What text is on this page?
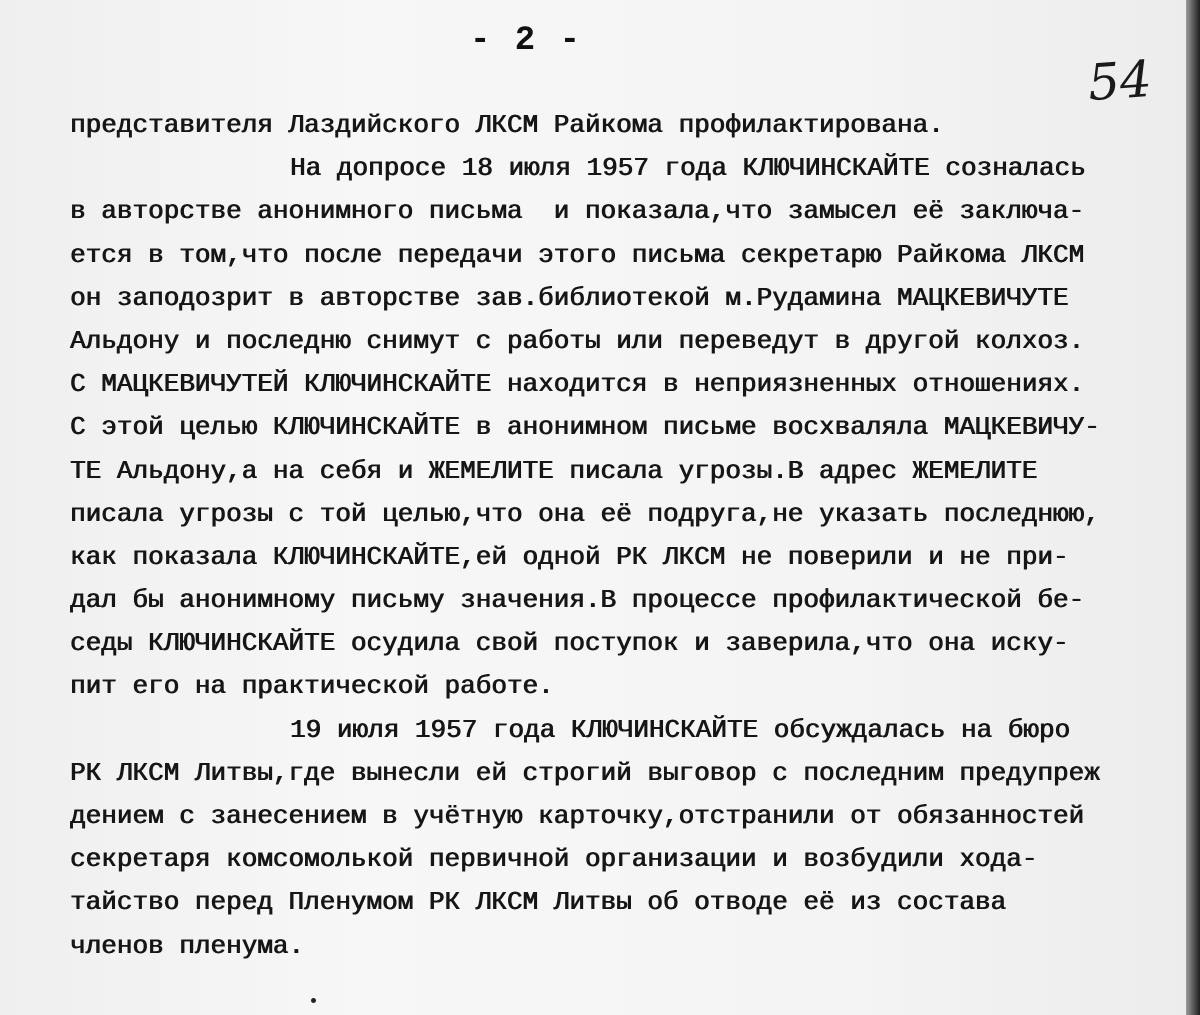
- 2 -
54
представителя Лаздийского ЛКСМ Райкома профилактирована.
На допросе 18 июля 1957 года КЛЮЧИНСКАЙТЕ созналась
в авторстве анонимного письма  и показала,что замысел её заключа-
ется в том,что после передачи этого письма секретарю Райкома ЛКСМ
он заподозрит в авторстве зав.библиотекой м.Рудамина МАЦКЕВИЧУТЕ
Альдону и последню снимут с работы или переведут в другой колхоз.
С МАЦКЕВИЧУТЕЙ КЛЮЧИНСКАЙТЕ находится в неприязненных отношениях.
С этой целью КЛЮЧИНСКАЙТЕ в анонимном письме восхваляла МАЦКЕВИЧУ-
ТЕ Альдону,а на себя и ЖЕМЕЛИТЕ писала угрозы.В адрес ЖЕМЕЛИТЕ
писала угрозы с той целью,что она её подруга,не указать последнюю,
как показала КЛЮЧИНСКАЙТЕ,ей одной РК ЛКСМ не поверили и не при-
дал бы анонимному письму значения.В процессе профилактической бе-
седы КЛЮЧИНСКАЙТЕ осудила свой поступок и заверила,что она иску-
пит его на практической работе.
19 июля 1957 года КЛЮЧИНСКАЙТЕ обсуждалась на бюро
РК ЛКСМ Литвы,где вынесли ей строгий выговор с последним предупреж
дением с занесением в учётную карточку,отстранили от обязанностей
секретаря комсомолькой первичной организации и возбудили хода-
тайство перед Пленумом РК ЛКСМ Литвы об отводе её из состава
членов пленума.
